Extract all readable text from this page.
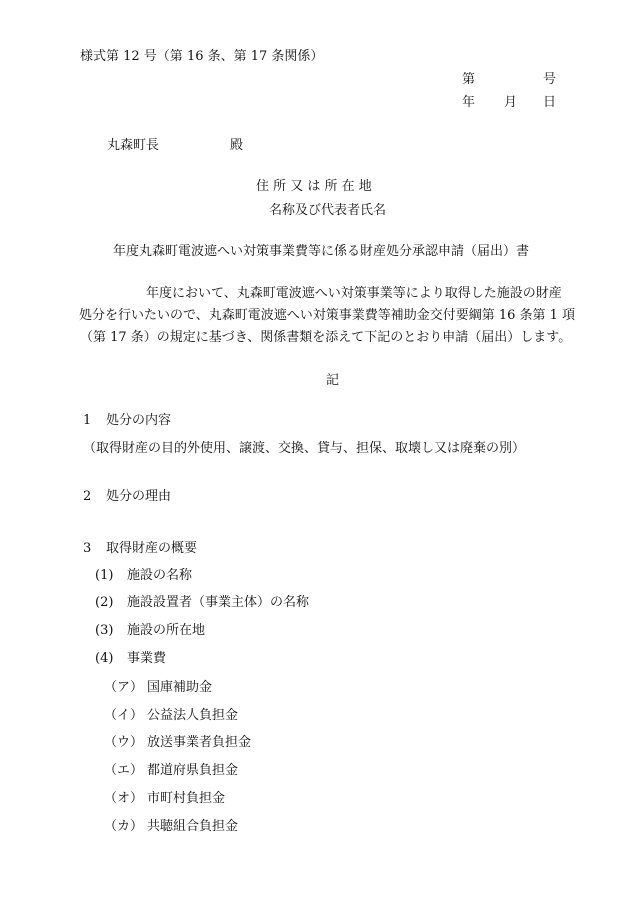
様式第 12 号（第 16 条、第 17 条関係）
第	号
年 月 日
丸森町長	殿
住 所 又 は 所 在 地
名称及び代表者氏名
年度丸森町電波遮へい対策事業費等に係る財産処分承認申請（届出）書
年度において、丸森町電波遮へい対策事業等により取得した施設の財産
処分を行いたいので、丸森町電波遮へい対策事業費等補助金交付要綱第 16 条第 1 項
（第 17 条）の規定に基づき、関係書類を添えて下記のとおり申請（届出）します。
記
1 処分の内容
（取得財産の目的外使用、譲渡、交換、貸与、担保、取壊し又は廃棄の別）
2 処分の理由
3 取得財産の概要
(1) 施設の名称
(2) 施設設置者（事業主体）の名称
(3) 施設の所在地
(4) 事業費
（ア） 国庫補助金
（イ） 公益法人負担金
（ウ） 放送事業者負担金
（エ） 都道府県負担金
（オ） 市町村負担金
（カ） 共聴組合負担金
